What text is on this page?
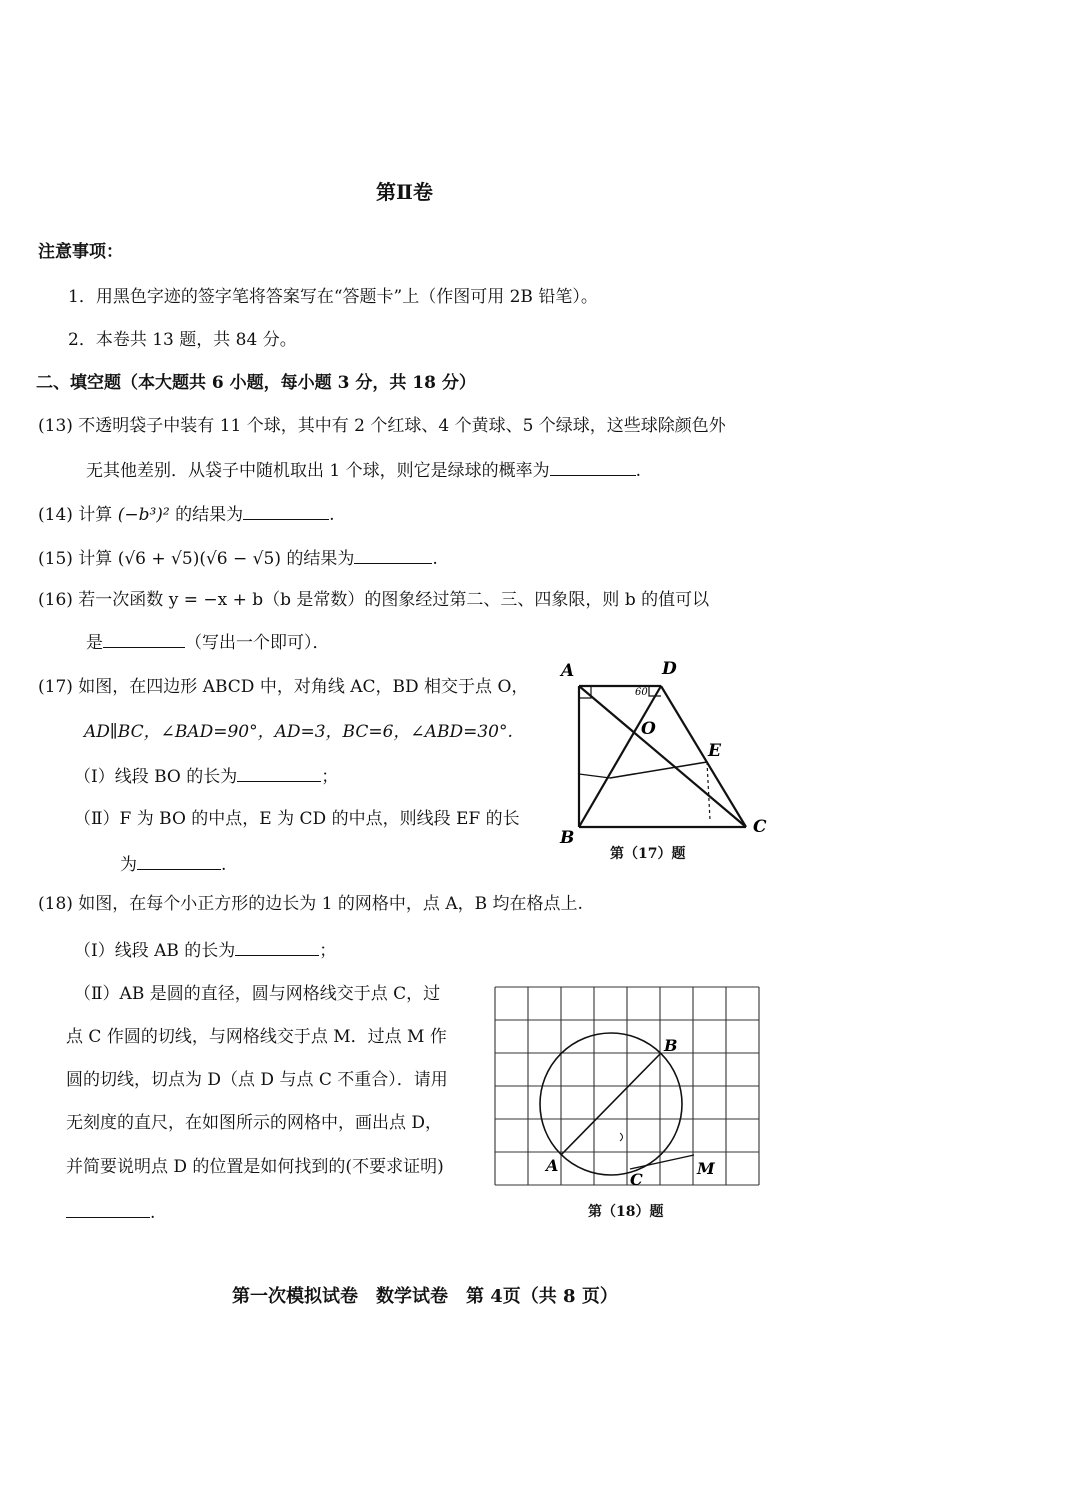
第Ⅱ卷
注意事项：
1．用黑色字迹的签字笔将答案写在“答题卡”上（作图可用 2B 铅笔）。
2．本卷共 13 题，共 84 分。
二、填空题（本大题共 6 小题，每小题 3 分，共 18 分）
(13) 不透明袋子中装有 11 个球，其中有 2 个红球、4 个黄球、5 个绿球，这些球除颜色外
无其他差别．从袋子中随机取出 1 个球，则它是绿球的概率为	.
(14) 计算 (−b³)² 的结果为	.
(15) 计算 (√6 + √5)(√6 − √5) 的结果为	.
(16) 若一次函数 y = −x + b（b 是常数）的图象经过第二、三、四象限，则 b 的值可以
是	（写出一个即可）．
(17) 如图，在四边形 ABCD 中，对角线 AC，BD 相交于点 O，
AD∥BC，∠BAD=90°，AD=3，BC=6，∠ABD=30°.
（Ⅰ）线段 BO 的长为	；
（Ⅱ）F 为 BO 的中点，E 为 CD 的中点，则线段 EF 的长
为	.
A	D
O
E
B
C
60
第（17）题
(18) 如图，在每个小正方形的边长为 1 的网格中，点 A，B 均在格点上.
（Ⅰ）线段 AB 的长为	；
（Ⅱ）AB 是圆的直径，圆与网格线交于点 C，过
点 C 作圆的切线，与网格线交于点 M．过点 M 作
圆的切线，切点为 D（点 D 与点 C 不重合）．请用
无刻度的直尺，在如图所示的网格中，画出点 D，
并简要说明点 D 的位置是如何找到的(不要求证明)
.
B
A
C
M
第（18）题
第一次模拟试卷　数学试卷　第 4页（共 8 页）
